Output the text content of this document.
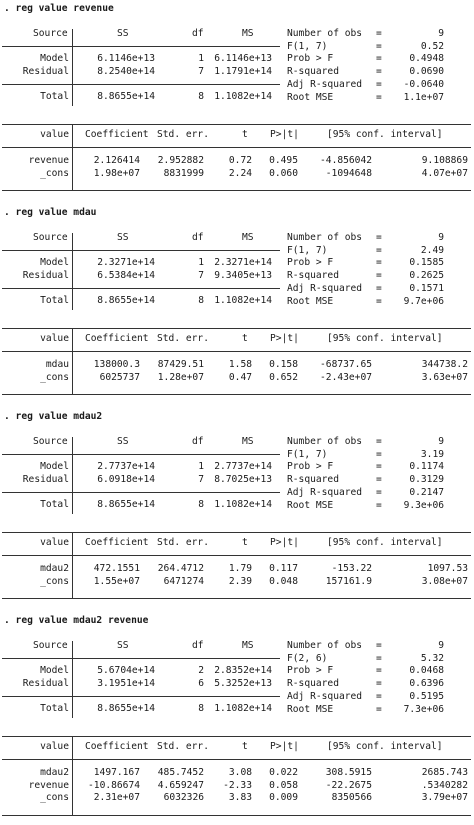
. reg value revenue
Source	SS	df	MS
Model	6.1146e+13	1 6.1146e+13
Residual	8.2540e+14	7 1.1791e+14
Total	8.8655e+14	8 1.1082e+14
Number of obs =	9
F(1, 7)	=	0.52
Prob > F	=	0.4948
R-squared	=	0.0690
Adj R-squared = -0.0640
Root MSE	= 1.1e+07
value Coefficient Std. err.	t P>|t|	[95% conf. interval]
revenue	2.126414 2.952882	0.72 0.495 -4.856042	9.108869
_cons	1.98e+07 8831999	2.24 0.060	-1094648	4.07e+07
. reg value mdau
Source	SS	df	MS
Model	2.3271e+14	1 2.3271e+14
Residual	6.5384e+14	7 9.3405e+13
Total	8.8655e+14	8 1.1082e+14
Number of obs =	9
F(1, 7)	=	2.49
Prob > F	=	0.1585
R-squared	=	0.2625
Adj R-squared =	0.1571
Root MSE	= 9.7e+06
value Coefficient Std. err.	t P>|t|	[95% conf. interval]
mdau	138000.3 87429.51	1.58 0.158 -68737.65	344738.2
_cons	6025737 1.28e+07	0.47 0.652 -2.43e+07	3.63e+07
. reg value mdau2
Source	SS	df	MS
Model	2.7737e+14	1 2.7737e+14
Residual	6.0918e+14	7 8.7025e+13
Total	8.8655e+14	8 1.1082e+14
Number of obs =	9
F(1, 7)	=	3.19
Prob > F	=	0.1174
R-squared	=	0.3129
Adj R-squared =	0.2147
Root MSE	= 9.3e+06
value Coefficient Std. err.	t P>|t|	[95% conf. interval]
mdau2	472.1551 264.4712	1.79 0.117	-153.22	1097.53
_cons	1.55e+07 6471274	2.39 0.048	157161.9	3.08e+07
. reg value mdau2 revenue
Source	SS	df	MS
Model	5.6704e+14	2 2.8352e+14
Residual	3.1951e+14	6 5.3252e+13
Total	8.8655e+14	8 1.1082e+14
Number of obs =	9
F(2, 6)	=	5.32
Prob > F	=	0.0468
R-squared	=	0.6396
Adj R-squared =	0.5195
Root MSE	= 7.3e+06
value Coefficient Std. err.	t P>|t|	[95% conf. interval]
mdau2	1497.167 485.7452	3.08 0.022	308.5915	2685.743
revenue -10.86674 4.659247 -2.33 0.058	-22.2675	.5340282
_cons	2.31e+07 6032326	3.83 0.009	8350566	3.79e+07
